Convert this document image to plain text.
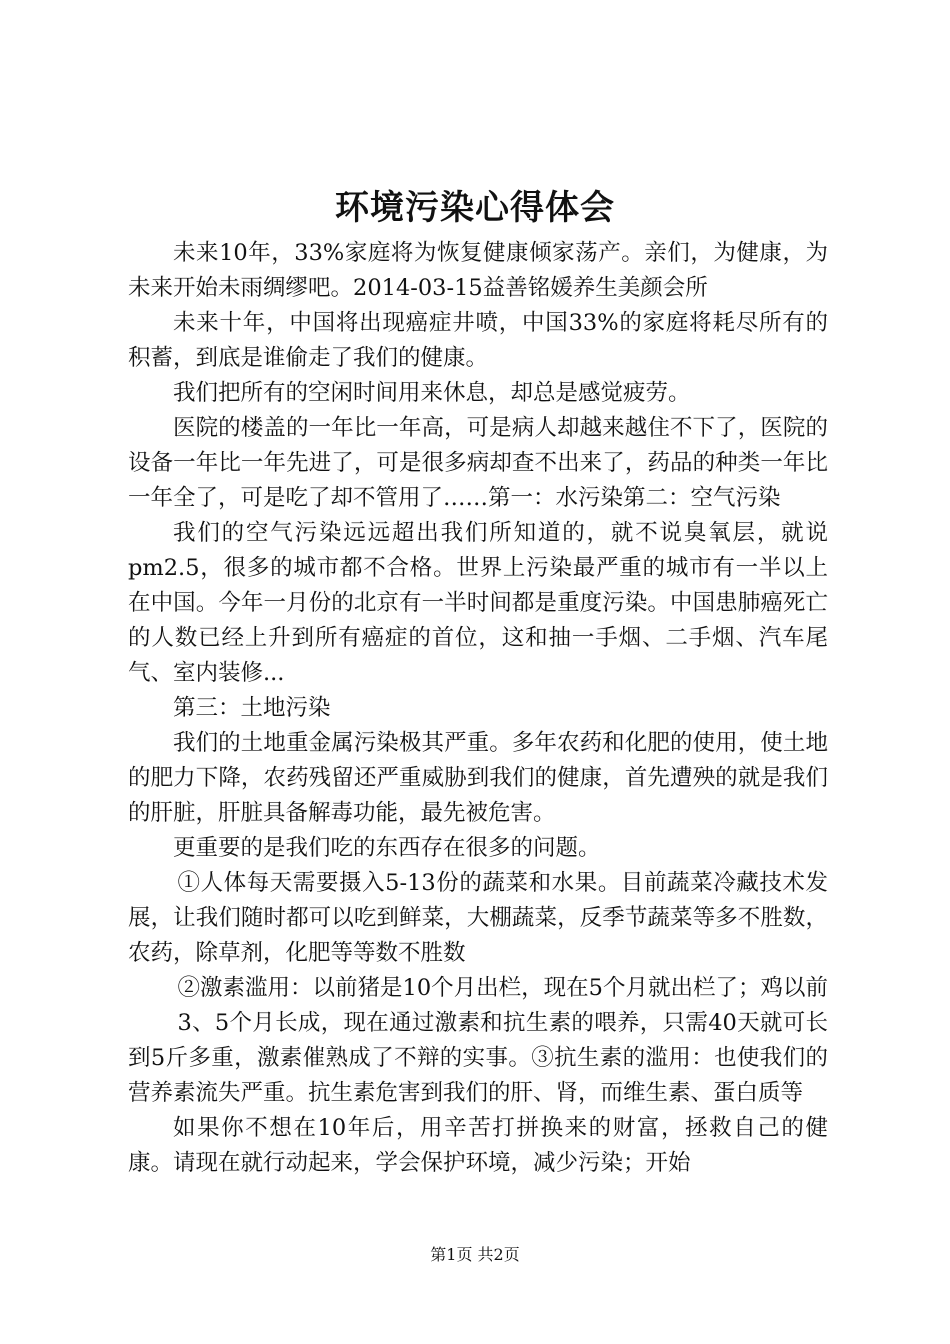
环境污染心得体会

未来10年，33%家庭将为恢复健康倾家荡产。亲们，为健康，为未来开始未雨绸缪吧。2014-03-15益善铭媛养生美颜会所

未来十年，中国将出现癌症井喷，中国33%的家庭将耗尽所有的积蓄，到底是谁偷走了我们的健康。

我们把所有的空闲时间用来休息，却总是感觉疲劳。

医院的楼盖的一年比一年高，可是病人却越来越住不下了，医院的设备一年比一年先进了，可是很多病却查不出来了，药品的种类一年比一年全了，可是吃了却不管用了……第一：水污染第二：空气污染

我们的空气污染远远超出我们所知道的，就不说臭氧层，就说pm2.5，很多的城市都不合格。世界上污染最严重的城市有一半以上在中国。今年一月份的北京有一半时间都是重度污染。中国患肺癌死亡的人数已经上升到所有癌症的首位，这和抽一手烟、二手烟、汽车尾气、室内装修...

第三：土地污染

我们的土地重金属污染极其严重。多年农药和化肥的使用，使土地的肥力下降，农药残留还严重威胁到我们的健康，首先遭殃的就是我们的肝脏，肝脏具备解毒功能，最先被危害。

更重要的是我们吃的东西存在很多的问题。

①人体每天需要摄入5-13份的蔬菜和水果。目前蔬菜冷藏技术发展，让我们随时都可以吃到鲜菜，大棚蔬菜，反季节蔬菜等多不胜数，农药，除草剂，化肥等等数不胜数

②激素滥用：以前猪是10个月出栏，现在5个月就出栏了；鸡以前

3、5个月长成，现在通过激素和抗生素的喂养，只需40天就可长到5斤多重，激素催熟成了不辩的实事。③抗生素的滥用：也使我们的营养素流失严重。抗生素危害到我们的肝、肾，而维生素、蛋白质等

如果你不想在10年后，用辛苦打拼换来的财富，拯救自己的健康。请现在就行动起来，学会保护环境，减少污染；开始

第1页 共2页
